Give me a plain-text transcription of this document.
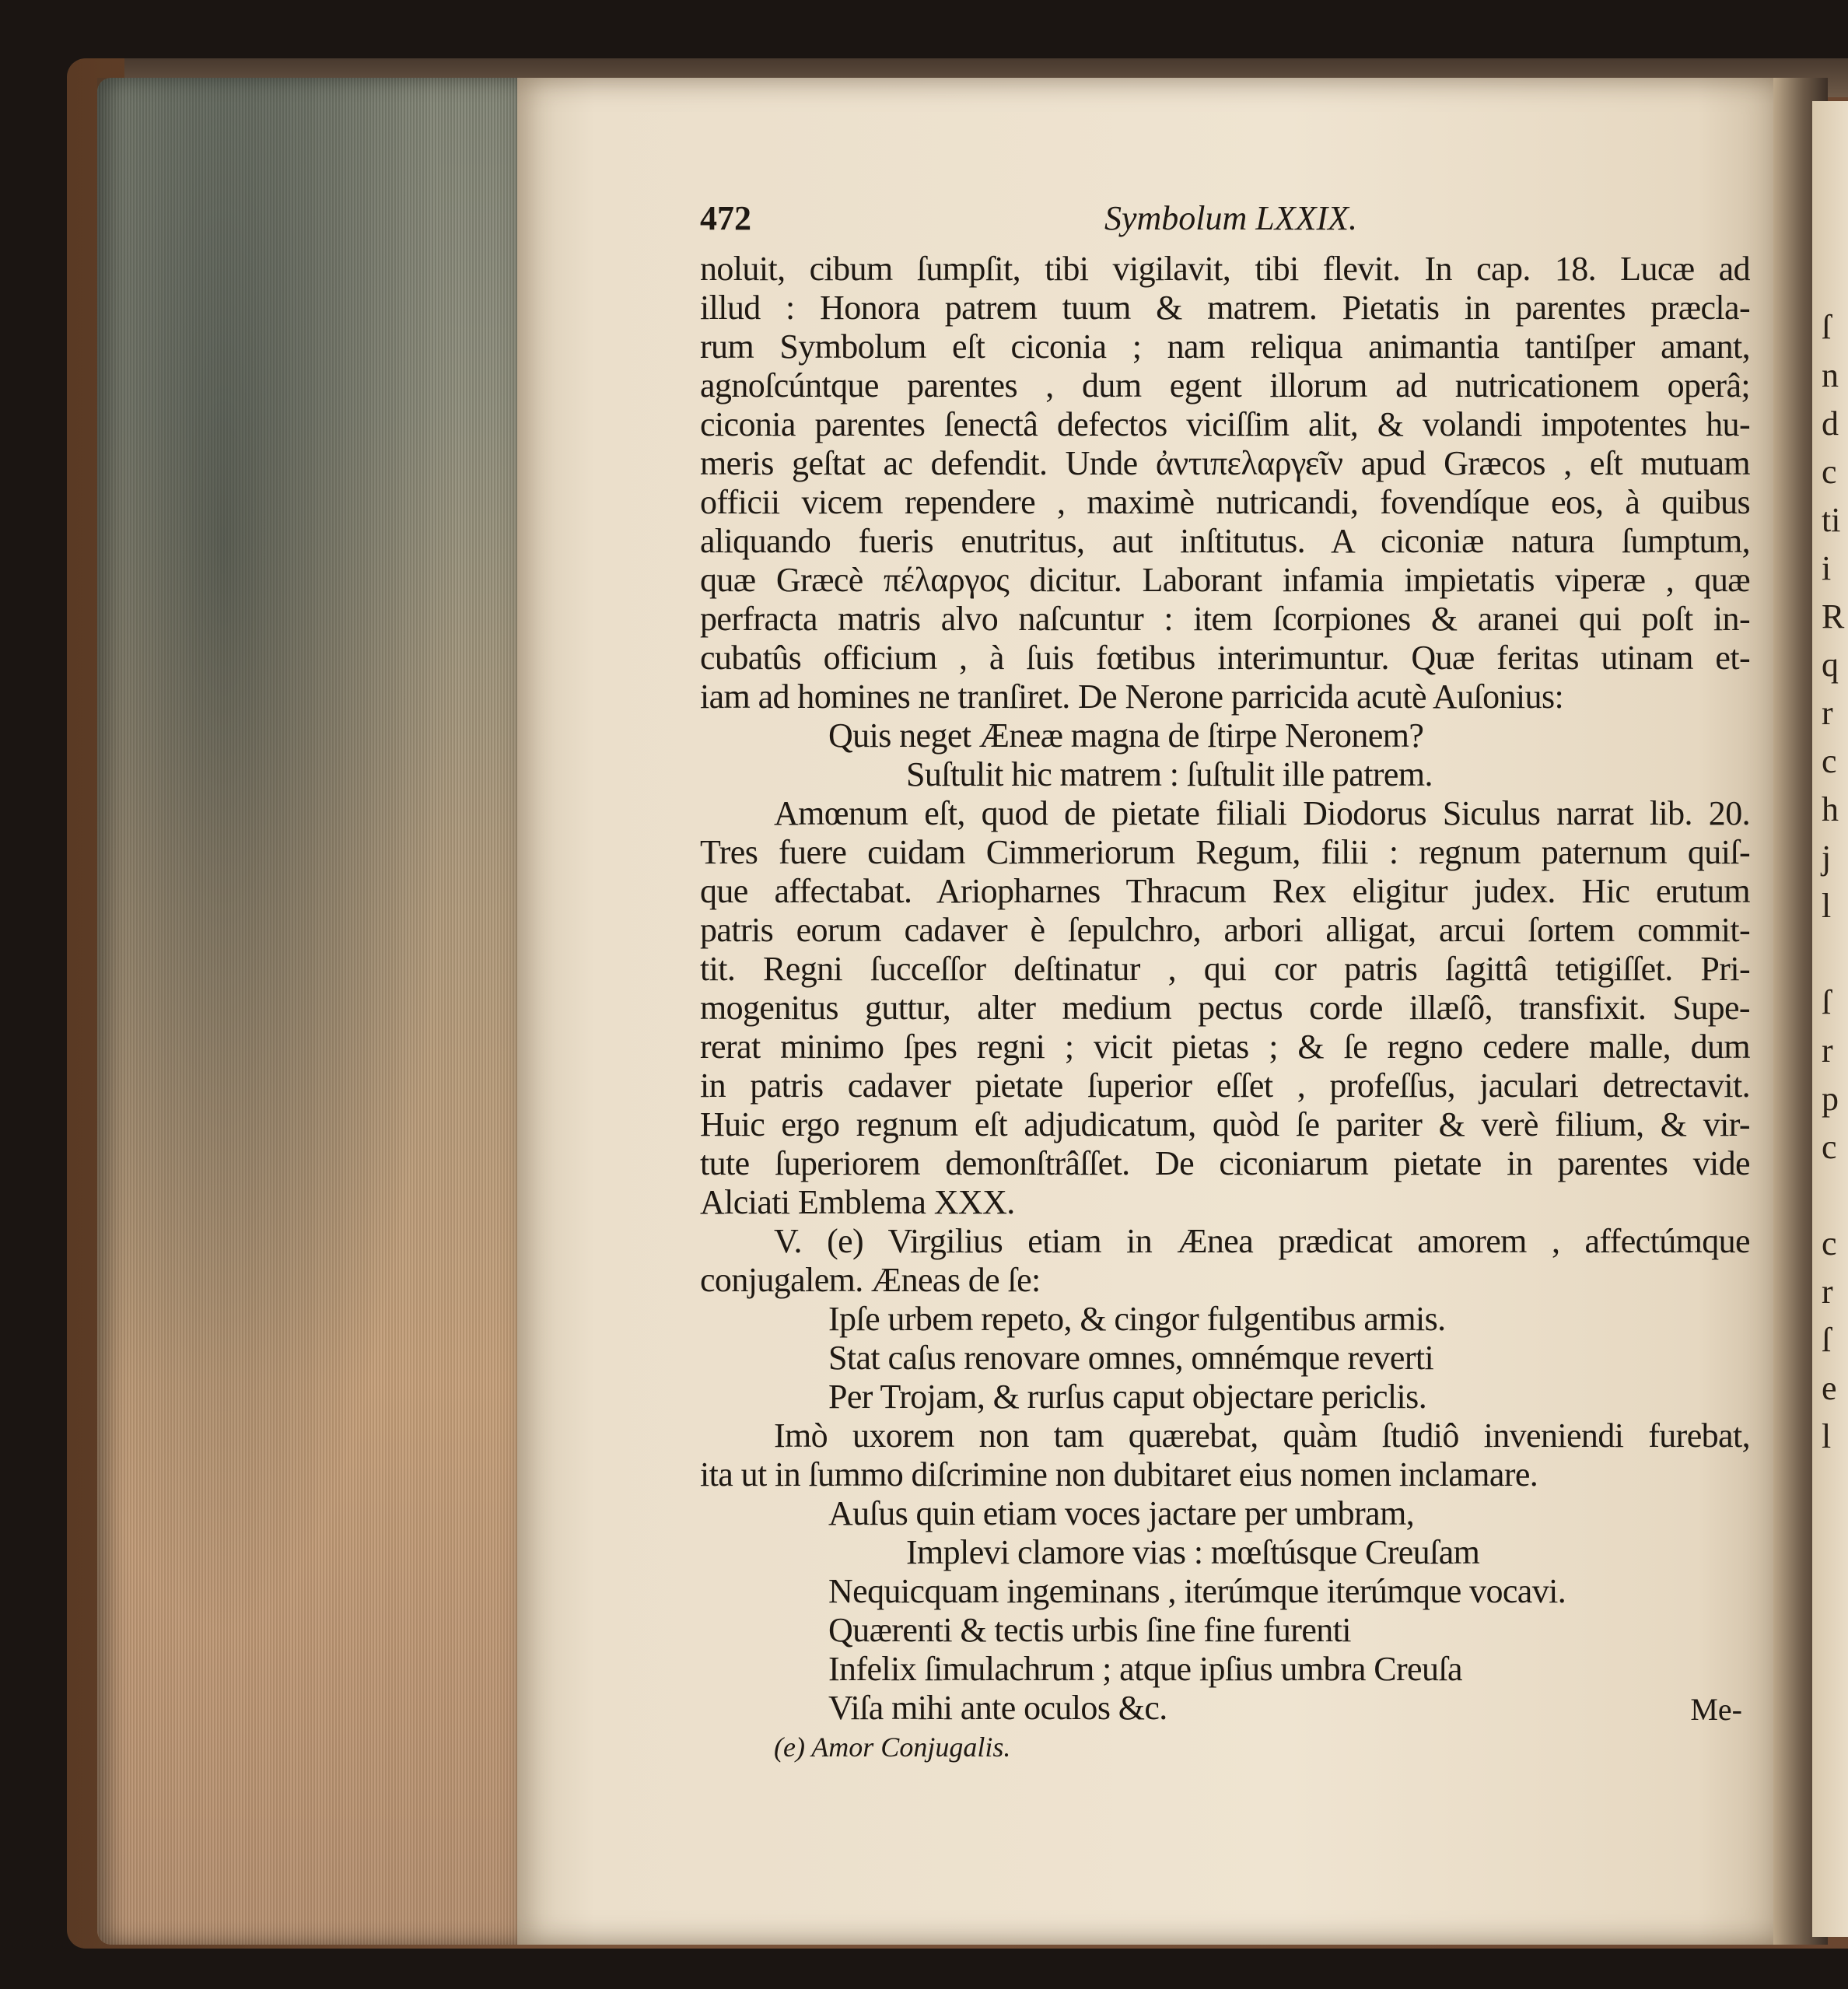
ſ
n
d
c
ti
i
R
q
r
c
h
j
l

ſ
r
p
c

c
r
ſ
e
l
472	Symbolum LXXIX.
noluit, cibum ſumpſit, tibi vigilavit, tibi flevit. In cap. 18. Lucæ ad
illud : Honora patrem tuum & matrem. Pietatis in parentes præcla-
rum Symbolum eſt ciconia ; nam reliqua animantia tantiſper amant,
agnoſcúntque parentes , dum egent illorum ad nutricationem operâ;
ciconia parentes ſenectâ defectos viciſſim alit, & volandi impotentes hu-
meris geſtat ac defendit. Unde ἀντιπελαργεῖν apud Græcos , eſt mutuam
officii vicem rependere , maximè nutricandi, fovendíque eos, à quibus
aliquando fueris enutritus, aut inſtitutus. A ciconiæ natura ſumptum,
quæ Græcè πέλαργος dicitur. Laborant infamia impietatis viperæ , quæ
perfracta matris alvo naſcuntur : item ſcorpiones & aranei qui poſt in-
cubatûs officium , à ſuis fœtibus interimuntur. Quæ feritas utinam et-
iam ad homines ne tranſiret. De Nerone parricida acutè Auſonius:
Quis neget Æneæ magna de ſtirpe Neronem?
Suſtulit hic matrem : ſuſtulit ille patrem.
Amœnum eſt, quod de pietate filiali Diodorus Siculus narrat lib. 20.
Tres fuere cuidam Cimmeriorum Regum, filii : regnum paternum quiſ-
que affectabat. Ariopharnes Thracum Rex eligitur judex. Hic erutum
patris eorum cadaver è ſepulchro, arbori alligat, arcui ſortem commit-
tit. Regni ſucceſſor deſtinatur , qui cor patris ſagittâ tetigiſſet. Pri-
mogenitus guttur, alter medium pectus corde illæſô, transfixit. Supe-
rerat minimo ſpes regni ; vicit pietas ; & ſe regno cedere malle, dum
in patris cadaver pietate ſuperior eſſet , profeſſus, jaculari detrectavit.
Huic ergo regnum eſt adjudicatum, quòd ſe pariter & verè filium, & vir-
tute ſuperiorem demonſtrâſſet. De ciconiarum pietate in parentes vide
Alciati Emblema XXX.
V. (e) Virgilius etiam in Ænea prædicat amorem , affectúmque
conjugalem. Æneas de ſe:
Ipſe urbem repeto, & cingor fulgentibus armis.
Stat caſus renovare omnes, omnémque reverti
Per Trojam, & rurſus caput objectare periclis.
Imò uxorem non tam quærebat, quàm ſtudiô inveniendi furebat,
ita ut in ſummo diſcrimine non dubitaret eius nomen inclamare.
Auſus quin etiam voces jactare per umbram,
Implevi clamore vias : mœſtúsque Creuſam
Nequicquam ingeminans , iterúmque iterúmque vocavi.
Quærenti & tectis urbis ſine fine furenti
Infelix ſimulachrum ; atque ipſius umbra Creuſa
Viſa mihi ante oculos &c.	Me-
(e) Amor Conjugalis.
